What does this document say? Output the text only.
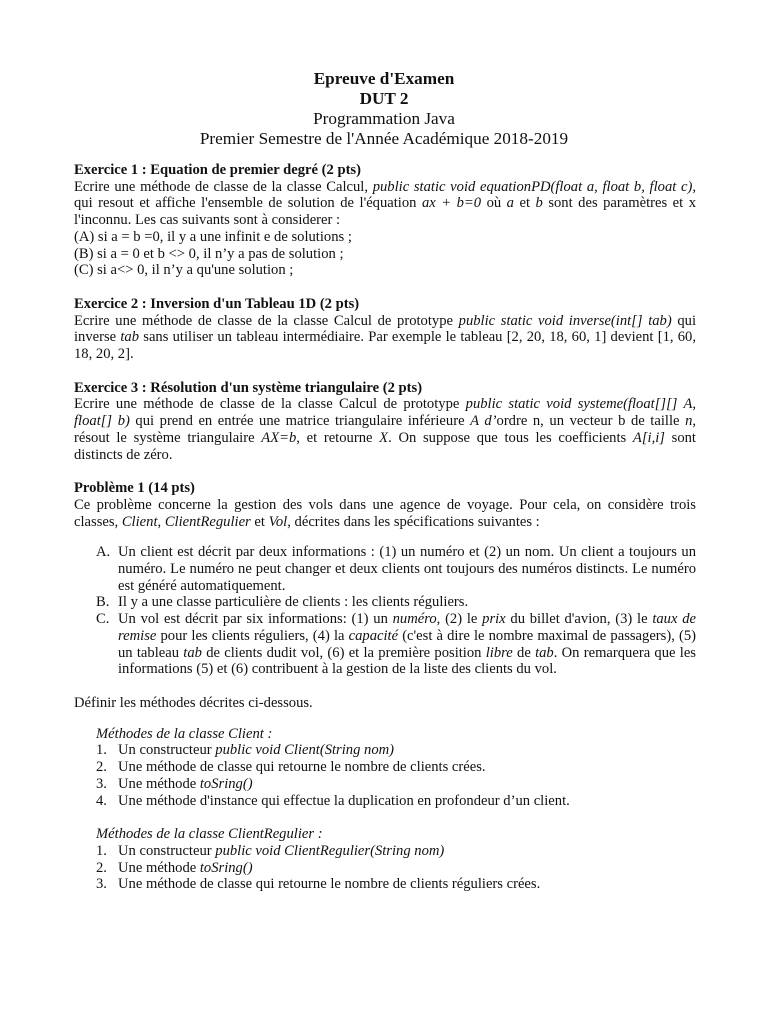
Epreuve d'Examen
DUT 2
Programmation Java
Premier Semestre de l'Année Académique 2018-2019
Exercice 1 : Equation de premier degré (2 pts)
Ecrire une méthode de classe de la classe Calcul, public static void equationPD(float a, float b, float c), qui resout et affiche l'ensemble de solution de l'équation ax + b=0 où a et b sont des paramètres et x l'inconnu. Les cas suivants sont à considerer :
(A) si a = b =0, il y a une infinit e de solutions ;
(B) si a = 0 et b <> 0, il n’y a pas de solution ;
(C) si a<> 0, il n’y a qu'une solution ;
Exercice 2 : Inversion d'un Tableau 1D (2 pts)
Ecrire une méthode de classe de la classe Calcul de prototype public static void inverse(int[] tab) qui inverse tab sans utiliser un tableau intermédiaire. Par exemple le tableau [2, 20, 18, 60, 1] devient [1, 60, 18, 20, 2].
Exercice 3 : Résolution d'un système triangulaire (2 pts)
Ecrire une méthode de classe de la classe Calcul de prototype public static void systeme(float[][] A, float[] b) qui prend en entrée une matrice triangulaire inférieure A d’ordre n, un vecteur b de taille n, résout le système triangulaire AX=b, et retourne X. On suppose que tous les coefficients A[i,i] sont distincts de zéro.
Problème 1 (14 pts)
Ce problème concerne la gestion des vols dans une agence de voyage. Pour cela, on considère trois classes, Client, ClientRegulier et Vol, décrites dans les spécifications suivantes :
A. Un client est décrit par deux informations : (1) un numéro et (2) un nom. Un client a toujours un numéro. Le numéro ne peut changer et deux clients ont toujours des numéros distincts. Le numéro est généré automatiquement.
B. Il y a une classe particulière de clients : les clients réguliers.
C. Un vol est décrit par six informations: (1) un numéro, (2) le prix du billet d'avion, (3) le taux de remise pour les clients réguliers, (4) la capacité (c'est à dire le nombre maximal de passagers), (5) un tableau tab de clients dudit vol, (6) et la première position libre de tab. On remarquera que les informations (5) et (6) contribuent à la gestion de la liste des clients du vol.
Définir les méthodes décrites ci-dessous.
Méthodes de la classe Client :
1. Un constructeur public void Client(String nom)
2. Une méthode de classe qui retourne le nombre de clients crées.
3. Une méthode toSring()
4. Une méthode d'instance qui effectue la duplication en profondeur d’un client.
Méthodes de la classe ClientRegulier :
1. Un constructeur public void ClientRegulier(String nom)
2. Une méthode toSring()
3. Une méthode de classe qui retourne le nombre de clients réguliers crées.
